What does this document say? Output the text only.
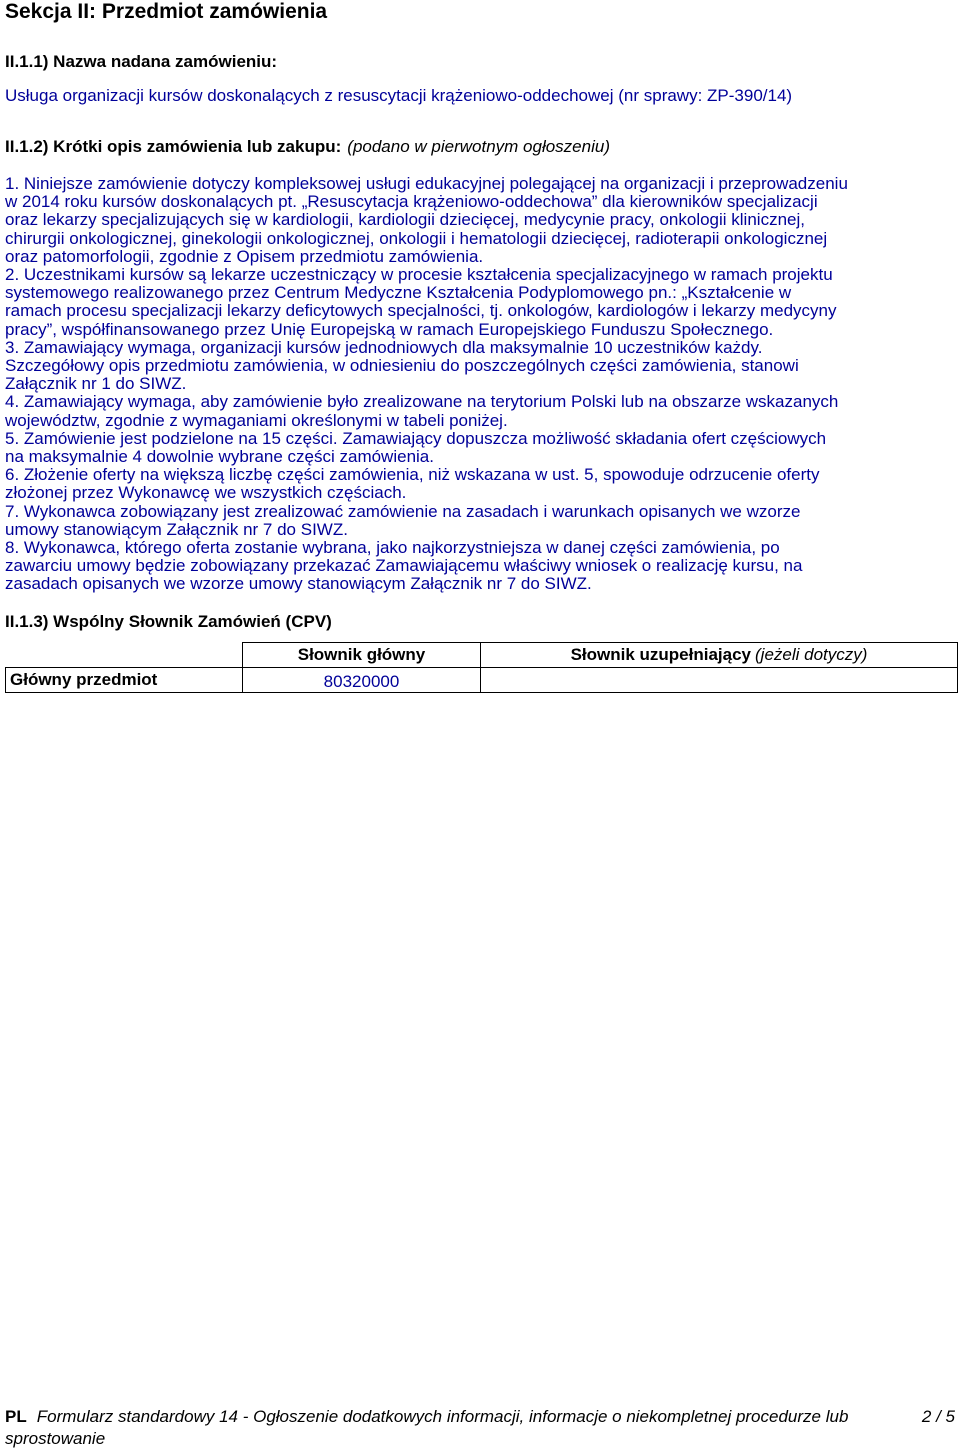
Sekcja II: Przedmiot zamówienia

II.1.1) Nazwa nadana zamówieniu:

Usługa organizacji kursów doskonalących z resuscytacji krążeniowo-oddechowej (nr sprawy: ZP-390/14)

II.1.2) Krótki opis zamówienia lub zakupu: (podano w pierwotnym ogłoszeniu)

1. Niniejsze zamówienie dotyczy kompleksowej usługi edukacyjnej polegającej na organizacji i przeprowadzeniu
w 2014 roku kursów doskonalących pt. „Resuscytacja krążeniowo-oddechowa” dla kierowników specjalizacji
oraz lekarzy specjalizujących się w kardiologii, kardiologii dziecięcej, medycynie pracy, onkologii klinicznej,
chirurgii onkologicznej, ginekologii onkologicznej, onkologii i hematologii dziecięcej, radioterapii onkologicznej
oraz patomorfologii, zgodnie z Opisem przedmiotu zamówienia.
2. Uczestnikami kursów są lekarze uczestniczący w procesie kształcenia specjalizacyjnego w ramach projektu
systemowego realizowanego przez Centrum Medyczne Kształcenia Podyplomowego pn.: „Kształcenie w
ramach procesu specjalizacji lekarzy deficytowych specjalności, tj. onkologów, kardiologów i lekarzy medycyny
pracy”, współfinansowanego przez Unię Europejską w ramach Europejskiego Funduszu Społecznego.
3. Zamawiający wymaga, organizacji kursów jednodniowych dla maksymalnie 10 uczestników każdy.
Szczegółowy opis przedmiotu zamówienia, w odniesieniu do poszczególnych części zamówienia, stanowi
Załącznik nr 1 do SIWZ.
4. Zamawiający wymaga, aby zamówienie było zrealizowane na terytorium Polski lub na obszarze wskazanych
województw, zgodnie z wymaganiami określonymi w tabeli poniżej.
5. Zamówienie jest podzielone na 15 części. Zamawiający dopuszcza możliwość składania ofert częściowych
na maksymalnie 4 dowolnie wybrane części zamówienia.
6. Złożenie oferty na większą liczbę części zamówienia, niż wskazana w ust. 5, spowoduje odrzucenie oferty
złożonej przez Wykonawcę we wszystkich częściach.
7. Wykonawca zobowiązany jest zrealizować zamówienie na zasadach i warunkach opisanych we wzorze
umowy stanowiącym Załącznik nr 7 do SIWZ.
8. Wykonawca, którego oferta zostanie wybrana, jako najkorzystniejsza w danej części zamówienia, po
zawarciu umowy będzie zobowiązany przekazać Zamawiającemu właściwy wniosek o realizację kursu, na
zasadach opisanych we wzorze umowy stanowiącym Załącznik nr 7 do SIWZ.

II.1.3) Wspólny Słownik Zamówień (CPV)

	Słownik główny	Słownik uzupełniający (jeżeli dotyczy)
Główny przedmiot	80320000	
PL Formularz standardowy 14 - Ogłoszenie dodatkowych informacji, informacje o niekompletnej procedurze lub
sprostowanie
2 / 5
